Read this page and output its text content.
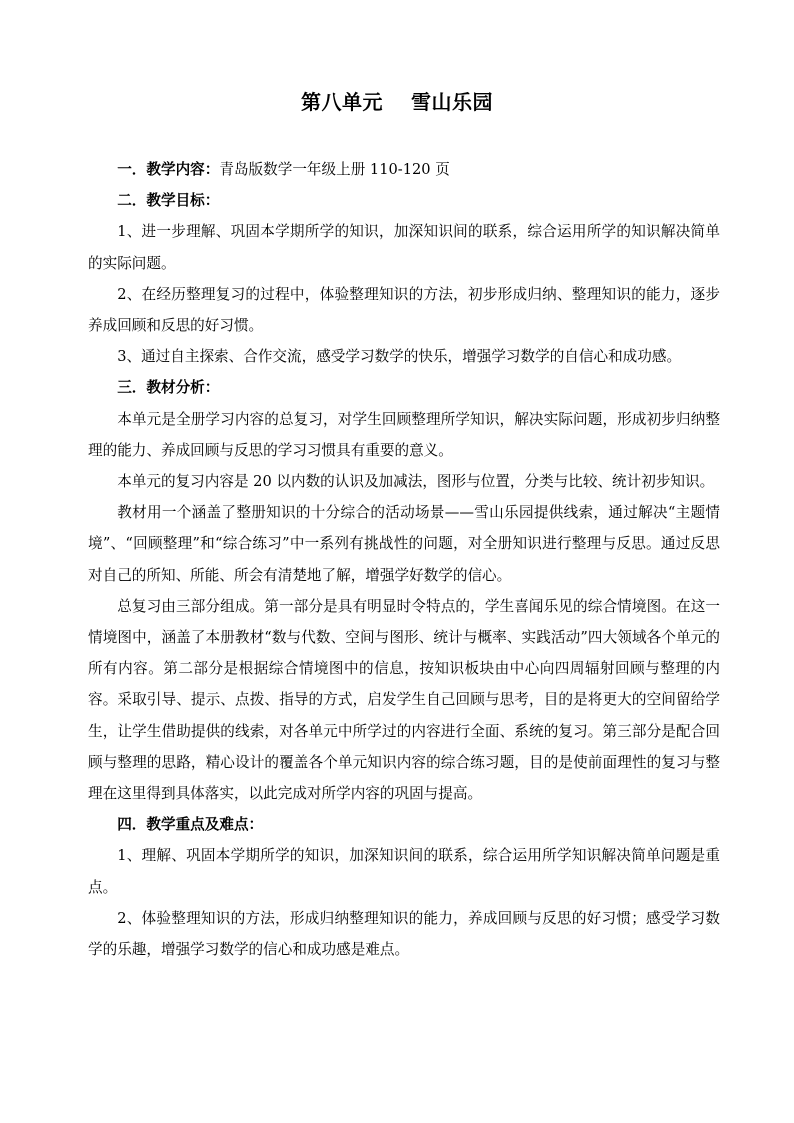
第八单元　 雪山乐园

一．教学内容：青岛版数学一年级上册 110-120 页

二．教学目标：

1、进一步理解、巩固本学期所学的知识，加深知识间的联系，综合运用所学的知识解决简单的实际问题。

2、在经历整理复习的过程中，体验整理知识的方法，初步形成归纳、整理知识的能力，逐步养成回顾和反思的好习惯。

3、通过自主探索、合作交流，感受学习数学的快乐，增强学习数学的自信心和成功感。

三．教材分析：

本单元是全册学习内容的总复习，对学生回顾整理所学知识，解决实际问题，形成初步归纳整理的能力、养成回顾与反思的学习习惯具有重要的意义。

本单元的复习内容是 20 以内数的认识及加减法，图形与位置，分类与比较、统计初步知识。

教材用一个涵盖了整册知识的十分综合的活动场景——雪山乐园提供线索，通过解决“主题情境”、“回顾整理”和“综合练习”中一系列有挑战性的问题，对全册知识进行整理与反思。通过反思对自己的所知、所能、所会有清楚地了解，增强学好数学的信心。

总复习由三部分组成。第一部分是具有明显时令特点的，学生喜闻乐见的综合情境图。在这一情境图中，涵盖了本册教材“数与代数、空间与图形、统计与概率、实践活动”四大领域各个单元的所有内容。第二部分是根据综合情境图中的信息，按知识板块由中心向四周辐射回顾与整理的内容。采取引导、提示、点拨、指导的方式，启发学生自己回顾与思考，目的是将更大的空间留给学生，让学生借助提供的线索，对各单元中所学过的内容进行全面、系统的复习。第三部分是配合回顾与整理的思路，精心设计的覆盖各个单元知识内容的综合练习题，目的是使前面理性的复习与整理在这里得到具体落实，以此完成对所学内容的巩固与提高。

四．教学重点及难点：

1、理解、巩固本学期所学的知识，加深知识间的联系，综合运用所学知识解决简单问题是重点。

2、体验整理知识的方法，形成归纳整理知识的能力，养成回顾与反思的好习惯；感受学习数学的乐趣，增强学习数学的信心和成功感是难点。
